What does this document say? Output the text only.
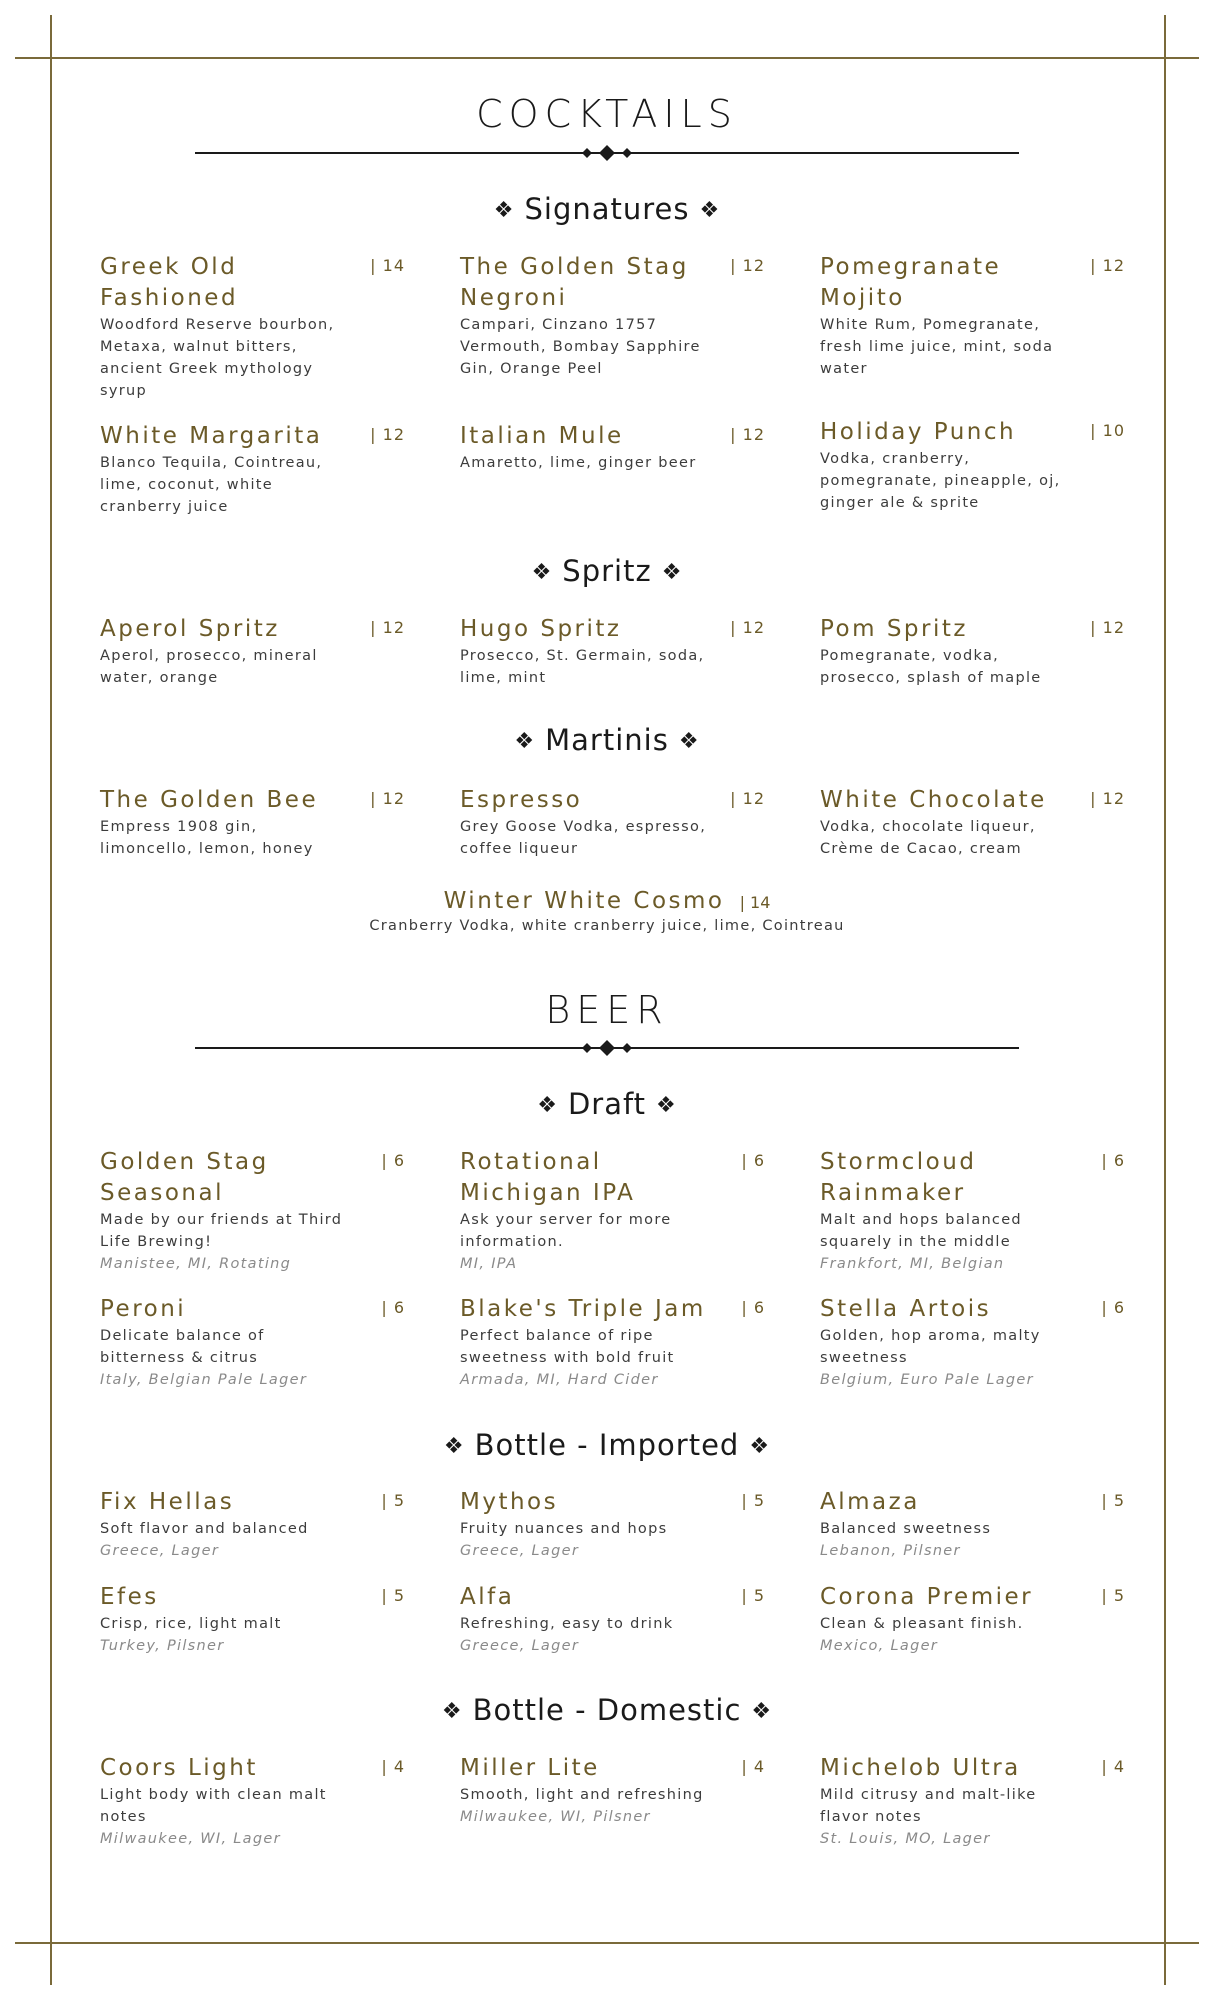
COCKTAILS
❖ Signatures ❖
Greek Old Fashioned
| 14
Woodford Reserve bourbon, Metaxa, walnut bitters, ancient Greek mythology syrup
The Golden Stag Negroni
| 12
Campari, Cinzano 1757 Vermouth, Bombay Sapphire Gin, Orange Peel
Pomegranate Mojito
| 12
White Rum, Pomegranate, fresh lime juice, mint, soda water
White Margarita	| 12
Blanco Tequila, Cointreau, lime, coconut, white cranberry juice
Italian Mule	| 12
Amaretto, lime, ginger beer
Holiday Punch	| 10
Vodka, cranberry, pomegranate, pineapple, oj, ginger ale & sprite
❖ Spritz ❖
Aperol Spritz	| 12
Aperol, prosecco, mineral water, orange
Hugo Spritz	| 12
Prosecco, St. Germain, soda, lime, mint
Pom Spritz	| 12
Pomegranate, vodka, prosecco, splash of maple
❖ Martinis ❖
The Golden Bee	| 12
Empress 1908 gin, limoncello, lemon, honey
Espresso	| 12
Grey Goose Vodka, espresso, coffee liqueur
White Chocolate	| 12
Vodka, chocolate liqueur, Crème de Cacao, cream
Winter White Cosmo | 14
Cranberry Vodka, white cranberry juice, lime, Cointreau
BEER
❖ Draft ❖
Golden Stag Seasonal
| 6
Made by our friends at Third Life Brewing!
Manistee, MI, Rotating
Rotational Michigan IPA
| 6
Ask your server for more information.
MI, IPA
Stormcloud Rainmaker
| 6
Malt and hops balanced squarely in the middle
Frankfort, MI, Belgian
Peroni	| 6
Delicate balance of bitterness & citrus
Italy, Belgian Pale Lager
Blake's Triple Jam	| 6
Perfect balance of ripe sweetness with bold fruit
Armada, MI, Hard Cider
Stella Artois	| 6
Golden, hop aroma, malty sweetness
Belgium, Euro Pale Lager
❖ Bottle - Imported ❖
Fix Hellas	| 5
Soft flavor and balanced
Greece, Lager
Mythos	| 5
Fruity nuances and hops
Greece, Lager
Almaza	| 5
Balanced sweetness
Lebanon, Pilsner
Efes	| 5
Crisp, rice, light malt
Turkey, Pilsner
Alfa	| 5
Refreshing, easy to drink
Greece, Lager
Corona Premier	| 5
Clean & pleasant finish.
Mexico, Lager
❖ Bottle - Domestic ❖
Coors Light	| 4
Light body with clean malt notes
Milwaukee, WI, Lager
Miller Lite	| 4
Smooth, light and refreshing
Milwaukee, WI, Pilsner
Michelob Ultra	| 4
Mild citrusy and malt-like flavor notes
St. Louis, MO, Lager
